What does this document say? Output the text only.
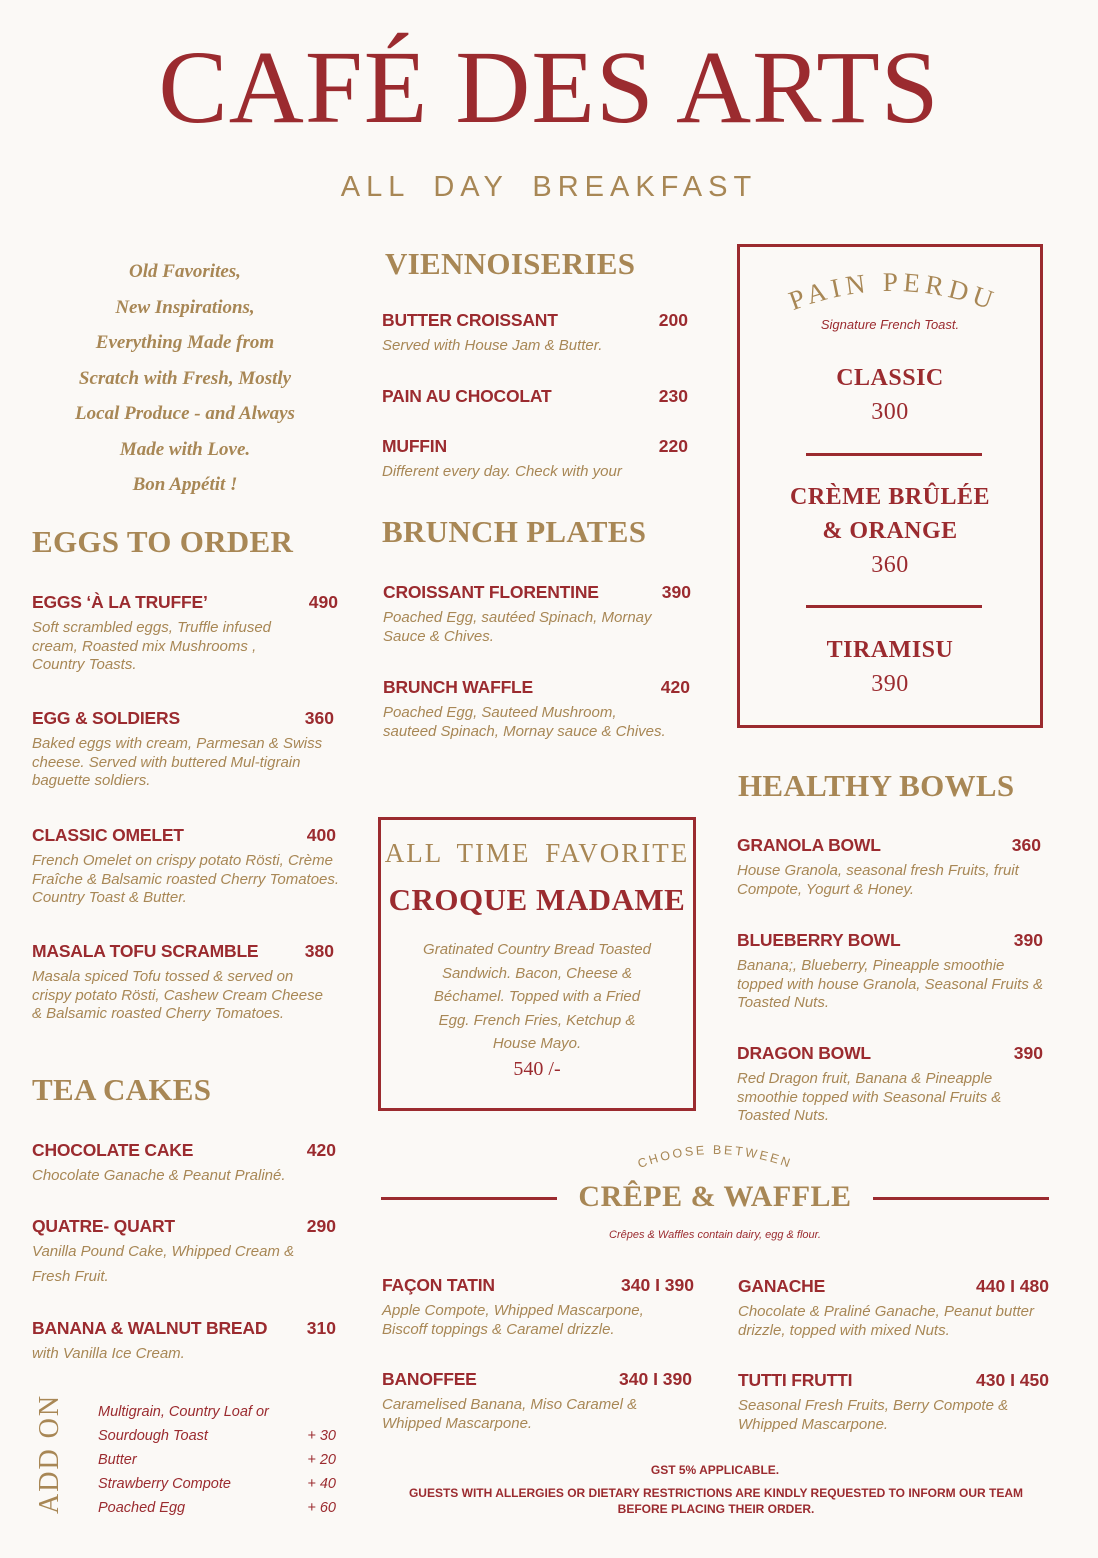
CAFÉ DES ARTS
ALL DAY BREAKFAST
Old Favorites,
New Inspirations,
Everything Made from
Scratch with Fresh, Mostly
Local Produce - and Always
Made with Love.
Bon Appétit !
EGGS TO ORDER
EGGS ‘À LA TRUFFE’	490
Soft scrambled eggs, Truffle infused cream, Roasted mix Mushrooms , Country Toasts.
EGG & SOLDIERS	360
Baked eggs with cream, Parmesan & Swiss cheese. Served with buttered Mul-tigrain baguette soldiers.
CLASSIC OMELET	400
French Omelet on crispy potato Rösti, Crème Fraîche & Balsamic roasted Cherry Tomatoes. Country Toast & Butter.
MASALA TOFU SCRAMBLE	380
Masala spiced Tofu tossed & served on crispy potato Rösti, Cashew Cream Cheese & Balsamic roasted Cherry Tomatoes.
TEA CAKES
CHOCOLATE CAKE	420
Chocolate Ganache & Peanut Praliné.
QUATRE- QUART	290
Vanilla Pound Cake, Whipped Cream & Fresh Fruit.
BANANA & WALNUT BREAD 310
with Vanilla Ice Cream.
ADD ON Multigrain, Country Loaf or
Sourdough Toast	+ 30
Butter	+ 20
Strawberry Compote	+ 40
Poached Egg	+ 60
VIENNOISERIES
BUTTER CROISSANT	200
Served with House Jam & Butter.
PAIN AU CHOCOLAT	230
MUFFIN	220
Different every day. Check with your
BRUNCH PLATES
CROISSANT FLORENTINE	390
Poached Egg, sautéed Spinach, Mornay Sauce & Chives.
BRUNCH WAFFLE	420
Poached Egg, Sauteed Mushroom, sauteed Spinach, Mornay sauce & Chives.
ALL TIME FAVORITE
CROQUE MADAME
Gratinated Country Bread Toasted Sandwich. Bacon, Cheese & Béchamel. Topped with a Fried Egg. French Fries, Ketchup & House Mayo.
540 /-
PAIN PERDU
Signature French Toast.
CLASSIC
300
CRÈME BRÛLÉE
& ORANGE
360
TIRAMISU
390
HEALTHY BOWLS
GRANOLA BOWL	360
House Granola, seasonal fresh Fruits, fruit Compote, Yogurt & Honey.
BLUEBERRY BOWL	390
Banana;, Blueberry, Pineapple smoothie topped with house Granola, Seasonal Fruits & Toasted Nuts.
DRAGON BOWL	390
Red Dragon fruit, Banana & Pineapple smoothie topped with Seasonal Fruits & Toasted Nuts.
CHOOSE BETWEEN
CRÊPE & WAFFLE
Crêpes & Waffles contain dairy, egg & flour.
FAÇON TATIN	340 I 390
Apple Compote, Whipped Mascarpone, Biscoff toppings & Caramel drizzle.
BANOFFEE	340 I 390
Caramelised Banana, Miso Caramel & Whipped Mascarpone.
GANACHE	440 I 480
Chocolate & Praliné Ganache, Peanut butter drizzle, topped with mixed Nuts.
TUTTI FRUTTI	430 I 450
Seasonal Fresh Fruits, Berry Compote & Whipped Mascarpone.
GST 5% APPLICABLE.
GUESTS WITH ALLERGIES OR DIETARY RESTRICTIONS ARE KINDLY REQUESTED TO INFORM OUR TEAM BEFORE PLACING THEIR ORDER.
